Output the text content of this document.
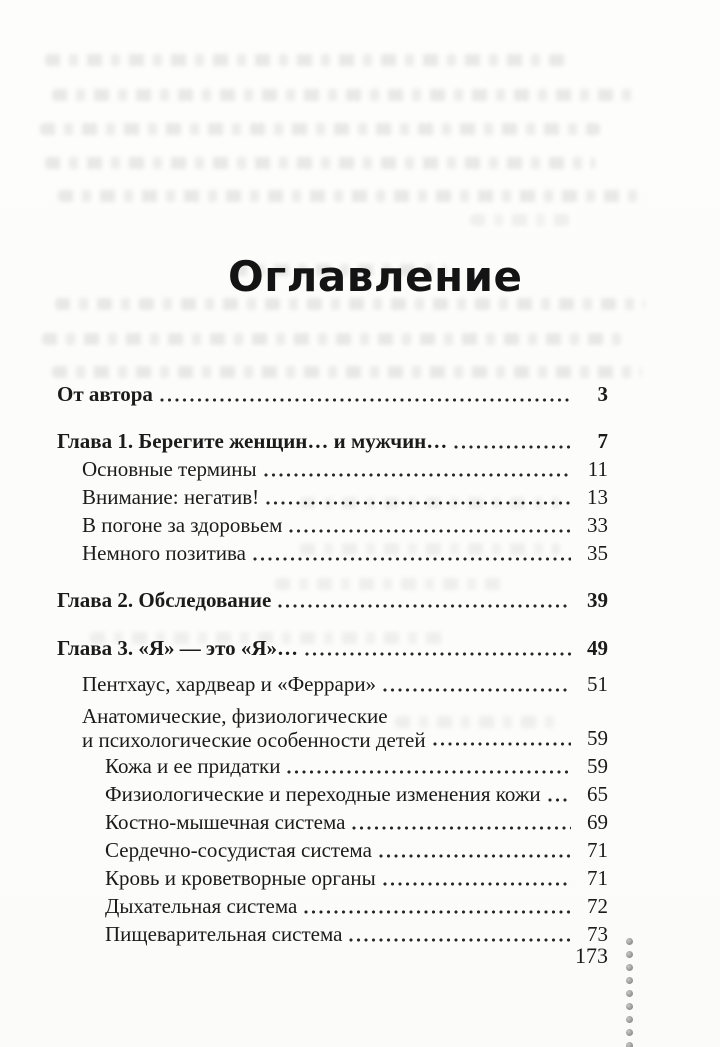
Оглавление
От автора	3
Глава 1. Берегите женщин… и мужчин…	7
Основные термины	11
Внимание: негатив!	13
В погоне за здоровьем	33
Немного позитива	35
Глава 2. Обследование	39
Глава 3. «Я» — это «Я»…	49
Пентхаус, хардвеар и «Феррари»	51
Анатомические, физиологические
и психологические особенности детей	59
Кожа и ее придатки	59
Физиологические и переходные изменения кожи	65
Костно-мышечная система	69
Сердечно-сосудистая система	71
Кровь и кроветворные органы	71
Дыхательная система	72
Пищеварительная система	73
173
